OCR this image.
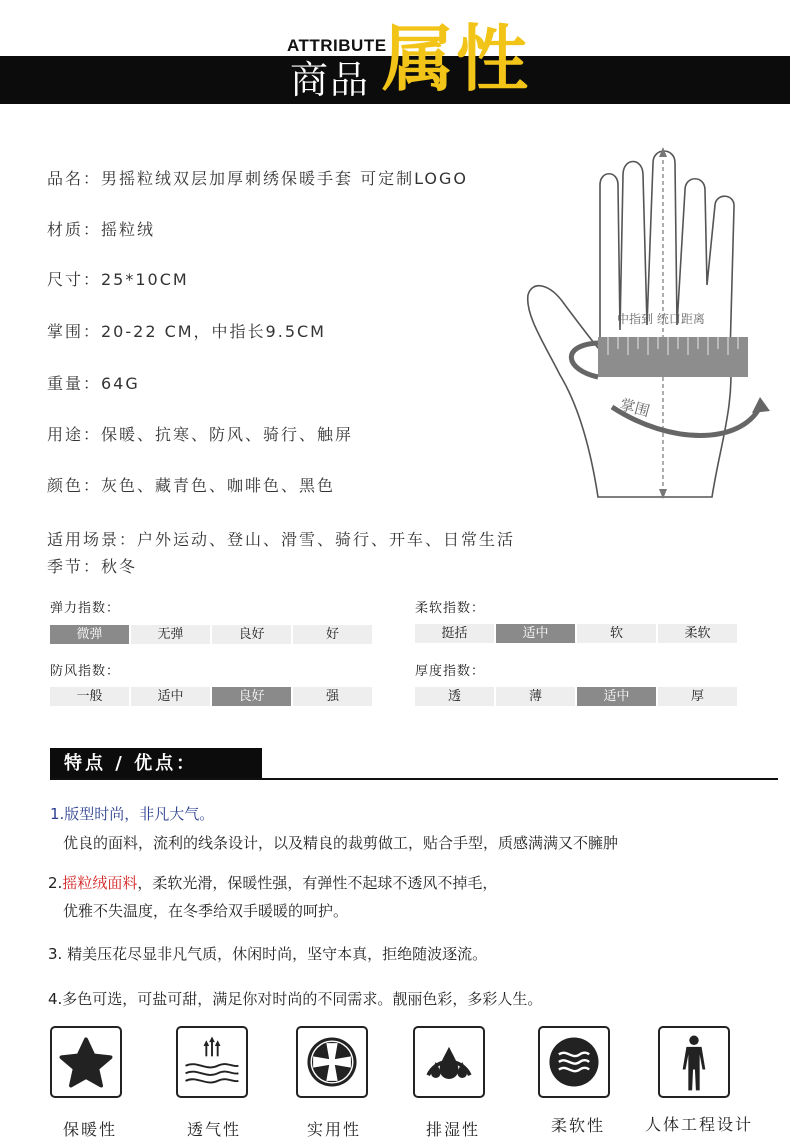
ATTRIBUTE
商品 属性
品名：男摇粒绒双层加厚刺绣保暖手套 可定制LOGO
材质：摇粒绒
尺寸：25*10CM
掌围：20-22 CM，中指长9.5CM
重量：64G
用途：保暖、抗寒、防风、骑行、触屏
颜色：灰色、藏青色、咖啡色、黑色
适用场景：户外运动、登山、滑雪、骑行、开车、日常生活
季节：秋冬
中指到 统口距离
掌围
弹力指数：
微弹	无弹	良好	好
柔软指数：
挺括	适中	软	柔软
防风指数：
一般	适中	良好	强
厚度指数：
透	薄	适中	厚
特点 / 优点：
1.版型时尚，非凡大气。
优良的面料，流利的线条设计，以及精良的裁剪做工，贴合手型，质感满满又不臃肿
2.摇粒绒面料，柔软光滑，保暖性强，有弹性不起球不透风不掉毛，
优雅不失温度，在冬季给双手暖暖的呵护。
3. 精美压花尽显非凡气质，休闲时尚，坚守本真，拒绝随波逐流。
4.多色可选，可盐可甜，满足你对时尚的不同需求。靓丽色彩，多彩人生。
保暖性	透气性	实用性	排湿性	柔软性	人体工程设计
